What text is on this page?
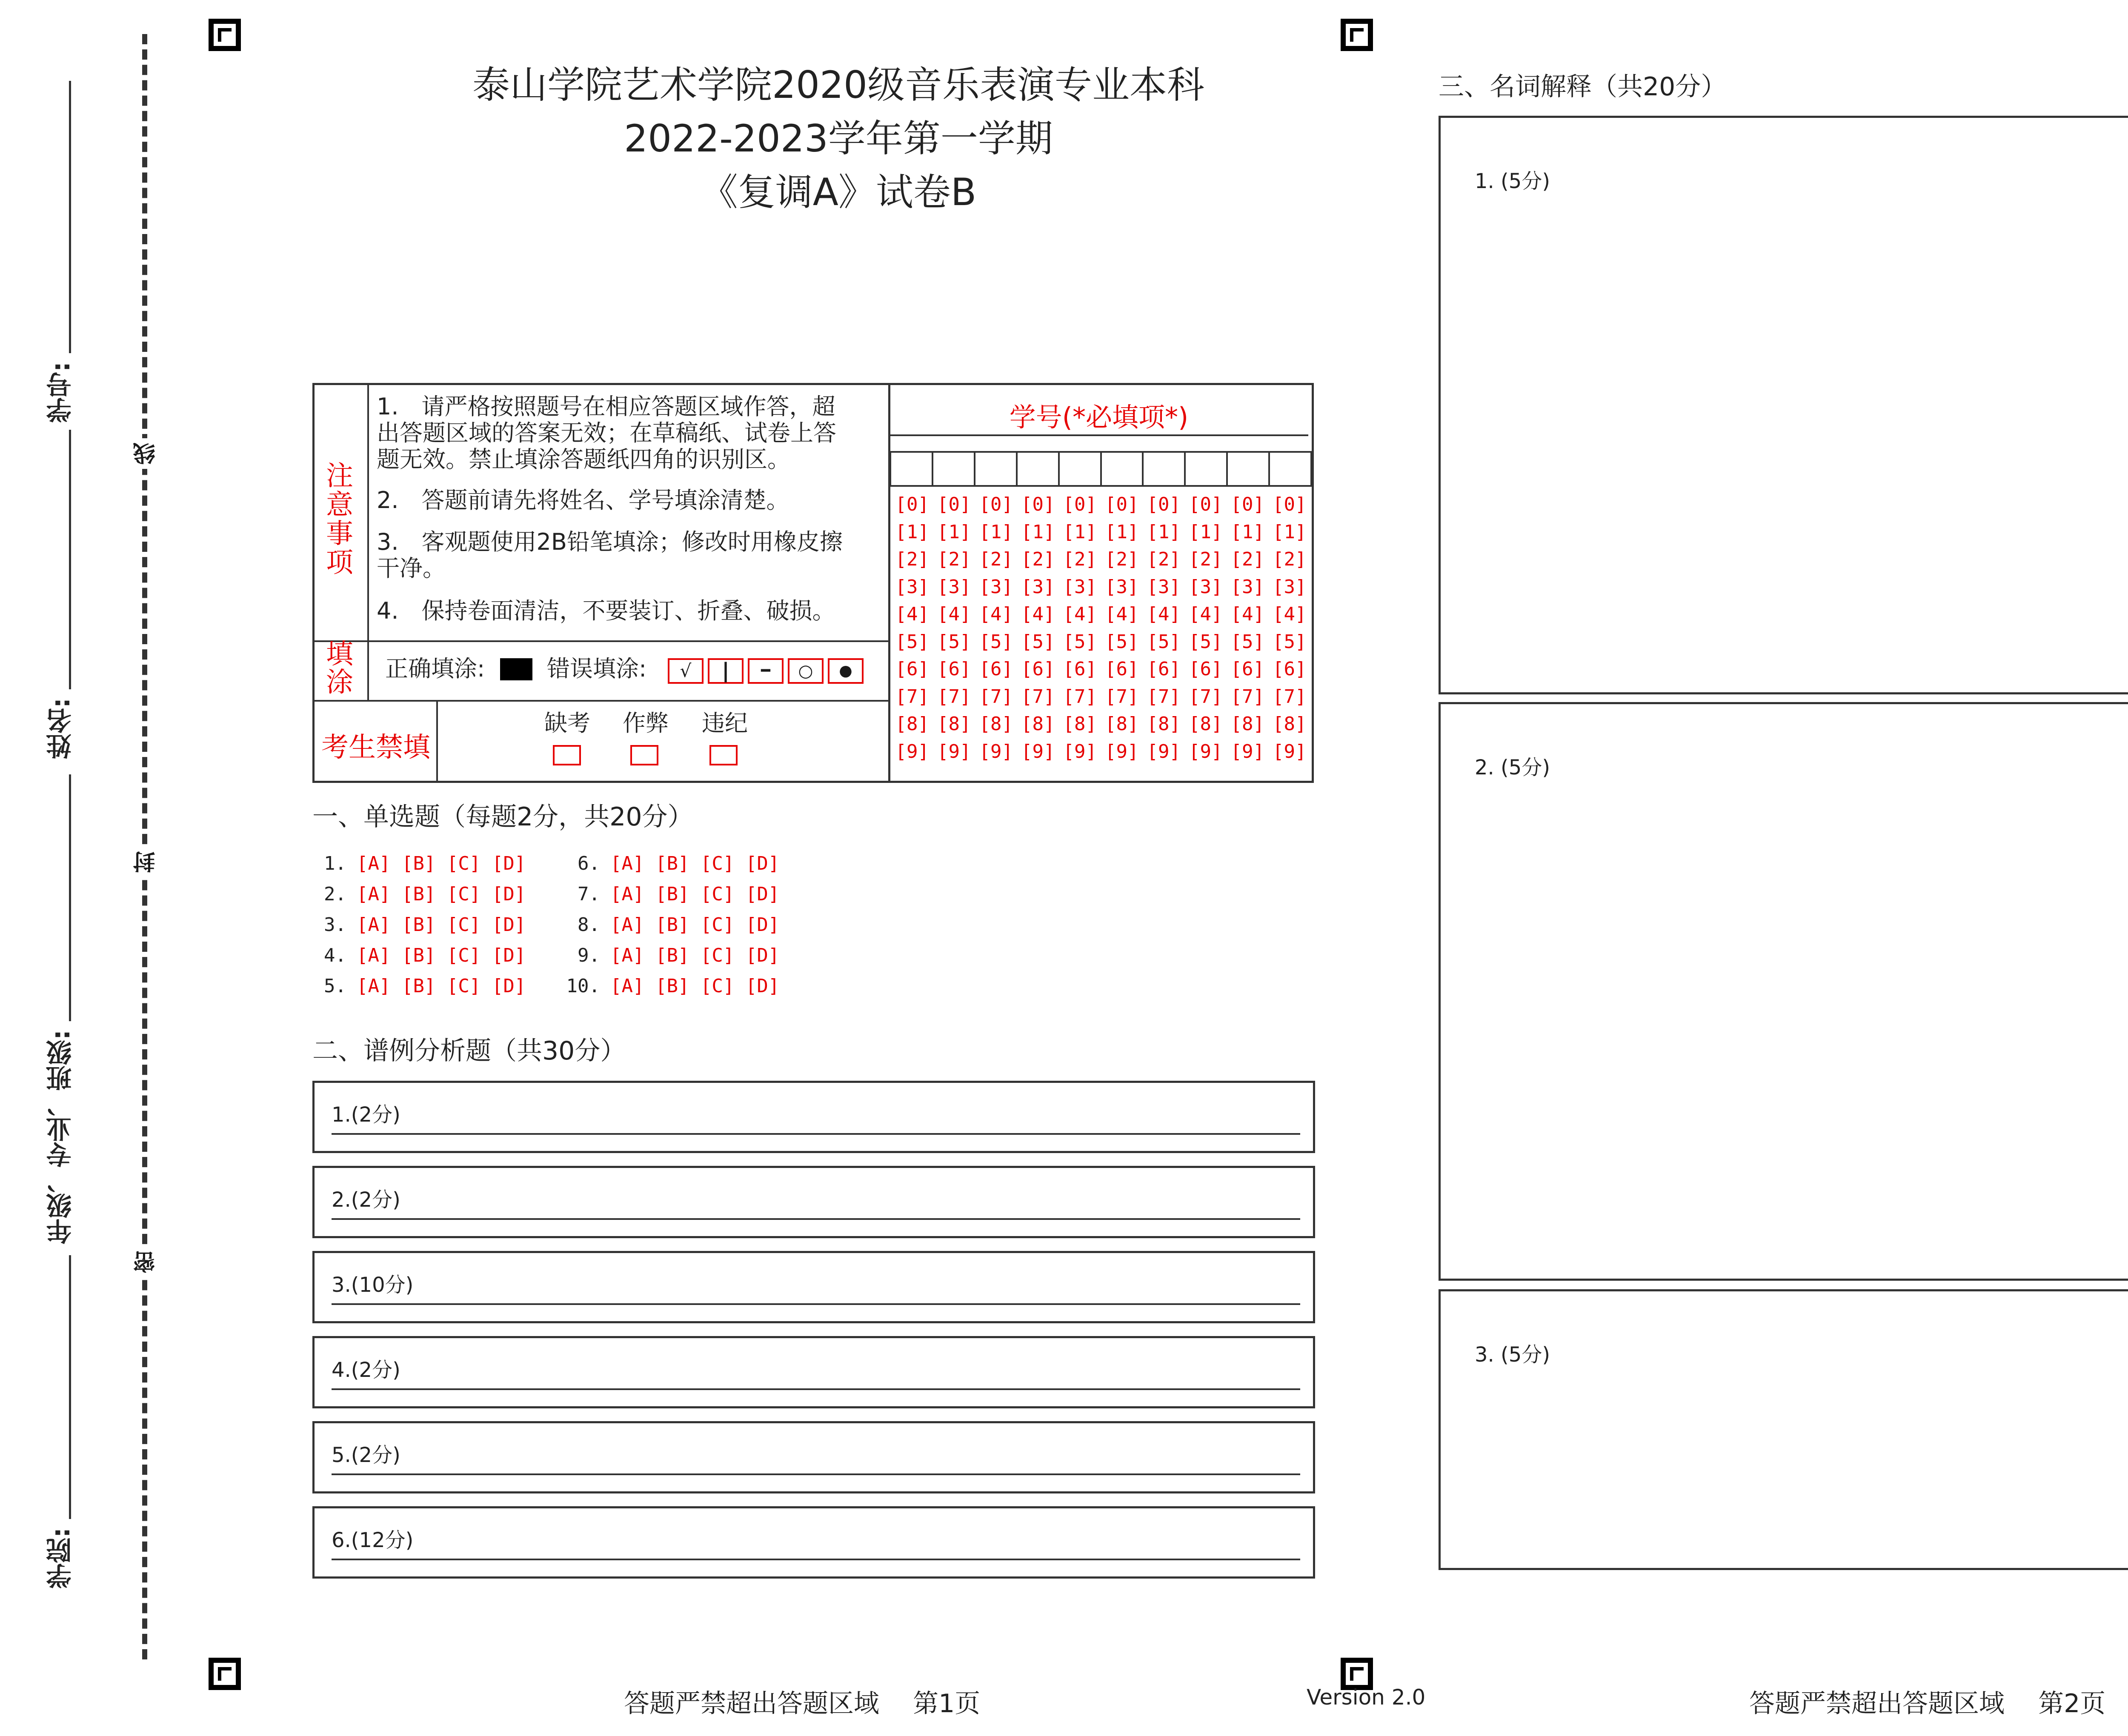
学号:
姓名:
年级、专业、班级:
学院:
线
封
密
泰山学院艺术学院2020级音乐表演专业本科
2022-2023学年第一学期
《复调A》试卷B
注意事项
1.　请严格按照题号在相应答题区域作答，超出答题区域的答案无效；在草稿纸、试卷上答题无效。禁止填涂答题纸四角的识别区。
2.　答题前请先将姓名、学号填涂清楚。
3.　客观题使用2B铅笔填涂；修改时用橡皮擦干净。
4.　保持卷面清洁，不要装订、折叠、破损。
填涂 正确填涂:	错误填涂:	√	|	━	○	●
考生禁填
缺考 作弊 违纪
学号(*必填项*)
[0] [0] [0] [0] [0] [0] [0] [0] [0] [0]
[1] [1] [1] [1] [1] [1] [1] [1] [1] [1]
[2] [2] [2] [2] [2] [2] [2] [2] [2] [2]
[3] [3] [3] [3] [3] [3] [3] [3] [3] [3]
[4] [4] [4] [4] [4] [4] [4] [4] [4] [4]
[5] [5] [5] [5] [5] [5] [5] [5] [5] [5]
[6] [6] [6] [6] [6] [6] [6] [6] [6] [6]
[7] [7] [7] [7] [7] [7] [7] [7] [7] [7]
[8] [8] [8] [8] [8] [8] [8] [8] [8] [8]
[9] [9] [9] [9] [9] [9] [9] [9] [9] [9]
一、单选题（每题2分，共20分）
1. [A] [B] [C] [D]
2. [A] [B] [C] [D]
3. [A] [B] [C] [D]
4. [A] [B] [C] [D]
5. [A] [B] [C] [D]
6. [A] [B] [C] [D]
7. [A] [B] [C] [D]
8. [A] [B] [C] [D]
9. [A] [B] [C] [D]
10. [A] [B] [C] [D]
二、谱例分析题（共30分）
1.(2分)
2.(2分)
3.(10分)
4.(2分)
5.(2分)
6.(12分)
三、名词解释（共20分）
1. (5分)
2. (5分)
3. (5分)
答题严禁超出答题区域　 第1页	Version 2.0	答题严禁超出答题区域　 第2页
